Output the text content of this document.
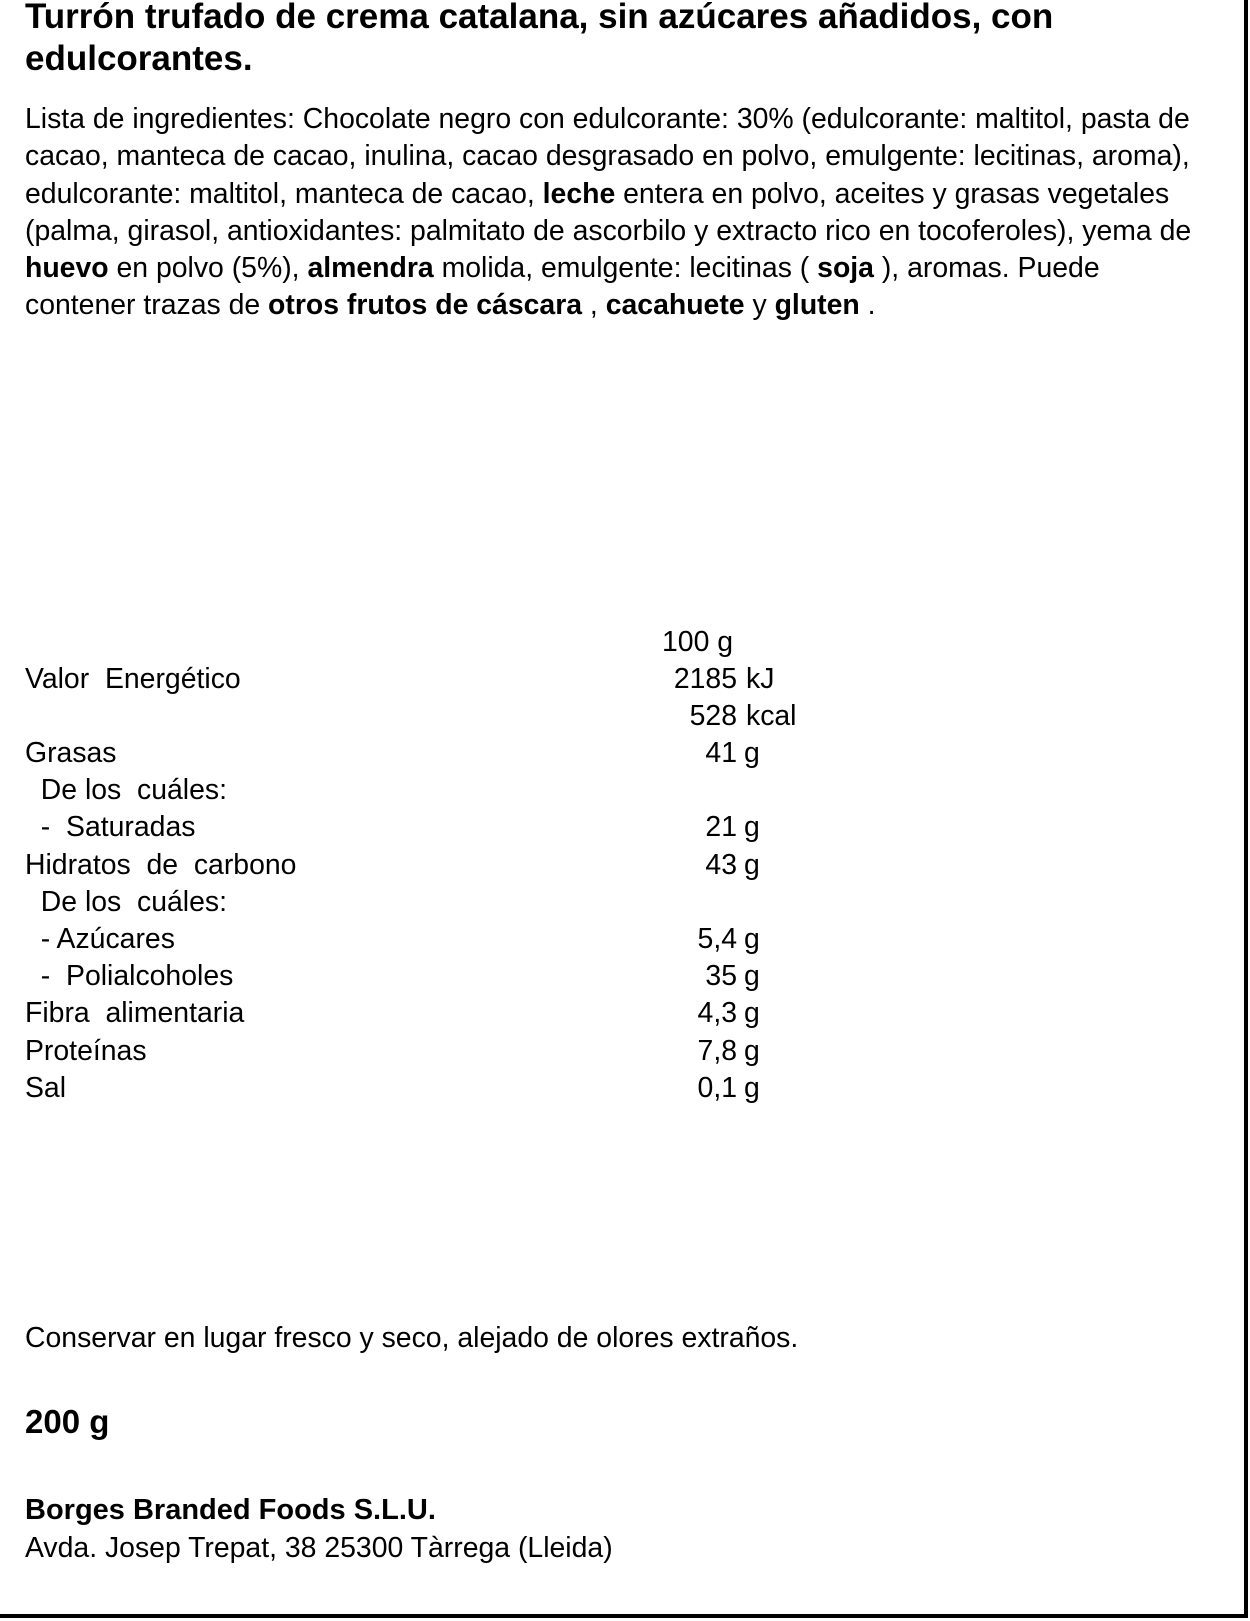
Turrón trufado de crema catalana, sin azúcares añadidos, con edulcorantes.

Lista de ingredientes: Chocolate negro con edulcorante: 30% (edulcorante: maltitol, pasta de cacao, manteca de cacao, inulina, cacao desgrasado en polvo, emulgente: lecitinas, aroma), edulcorante: maltitol, manteca de cacao, leche entera en polvo, aceites y grasas vegetales (palma, girasol, antioxidantes: palmitato de ascorbilo y extracto rico en tocoferoles), yema de huevo en polvo (5%), almendra molida, emulgente: lecitinas ( soja ), aromas. Puede contener trazas de otros frutos de cáscara , cacahuete y gluten .

100 g
Valor  Energético	2185 kJ
528 kcal
Grasas	41 g
De los  cuáles:
-  Saturadas	21 g
Hidratos  de  carbono	43 g
De los  cuáles:
- Azúcares	5,4 g
-  Polialcoholes	35 g
Fibra  alimentaria	4,3 g
Proteínas	7,8 g
Sal	0,1 g

Conservar en lugar fresco y seco, alejado de olores extraños.

200 g

Borges Branded Foods S.L.U.

Avda. Josep Trepat, 38 25300 Tàrrega (Lleida)
